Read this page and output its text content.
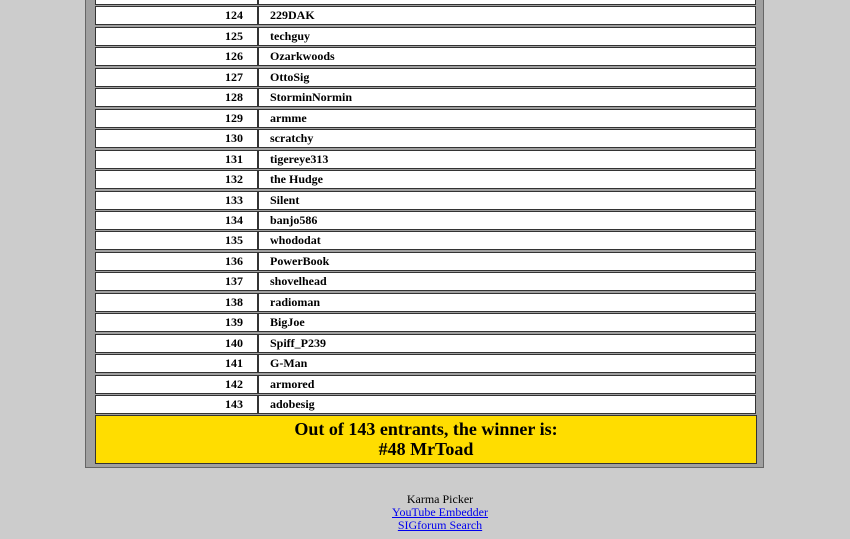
124	229DAK
125	techguy
126	Ozarkwoods
127	OttoSig
128	StorminNormin
129	armme
130	scratchy
131	tigereye313
132	the Hudge
133	Silent
134	banjo586
135	whododat
136	PowerBook
137	shovelhead
138	radioman
139	BigJoe
140	Spiff_P239
141	G-Man
142	armored
143	adobesig
Out of 143 entrants, the winner is:
#48 MrToad
Karma Picker
YouTube Embedder
SIGforum Search
